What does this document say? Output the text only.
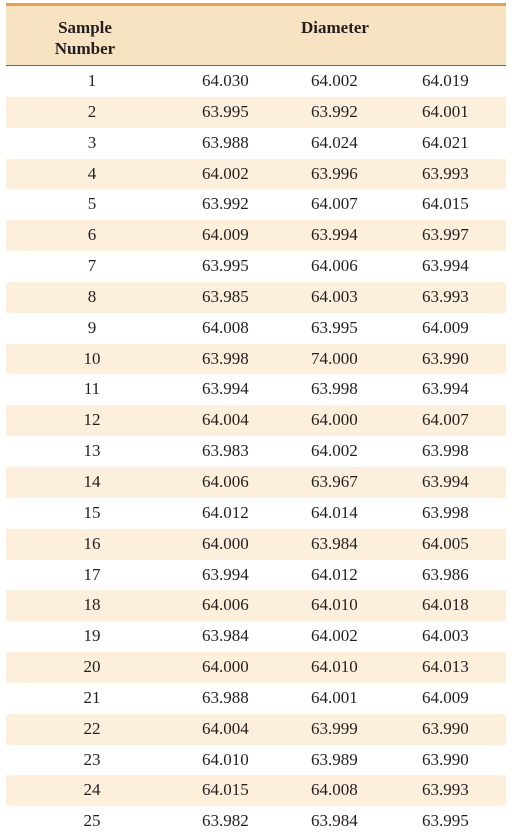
Sample
Number
Diameter
1	64.030	64.002	64.019
2	63.995	63.992	64.001
3	63.988	64.024	64.021
4	64.002	63.996	63.993
5	63.992	64.007	64.015
6	64.009	63.994	63.997
7	63.995	64.006	63.994
8	63.985	64.003	63.993
9	64.008	63.995	64.009
10	63.998	74.000	63.990
11	63.994	63.998	63.994
12	64.004	64.000	64.007
13	63.983	64.002	63.998
14	64.006	63.967	63.994
15	64.012	64.014	63.998
16	64.000	63.984	64.005
17	63.994	64.012	63.986
18	64.006	64.010	64.018
19	63.984	64.002	64.003
20	64.000	64.010	64.013
21	63.988	64.001	64.009
22	64.004	63.999	63.990
23	64.010	63.989	63.990
24	64.015	64.008	63.993
25	63.982	63.984	63.995
